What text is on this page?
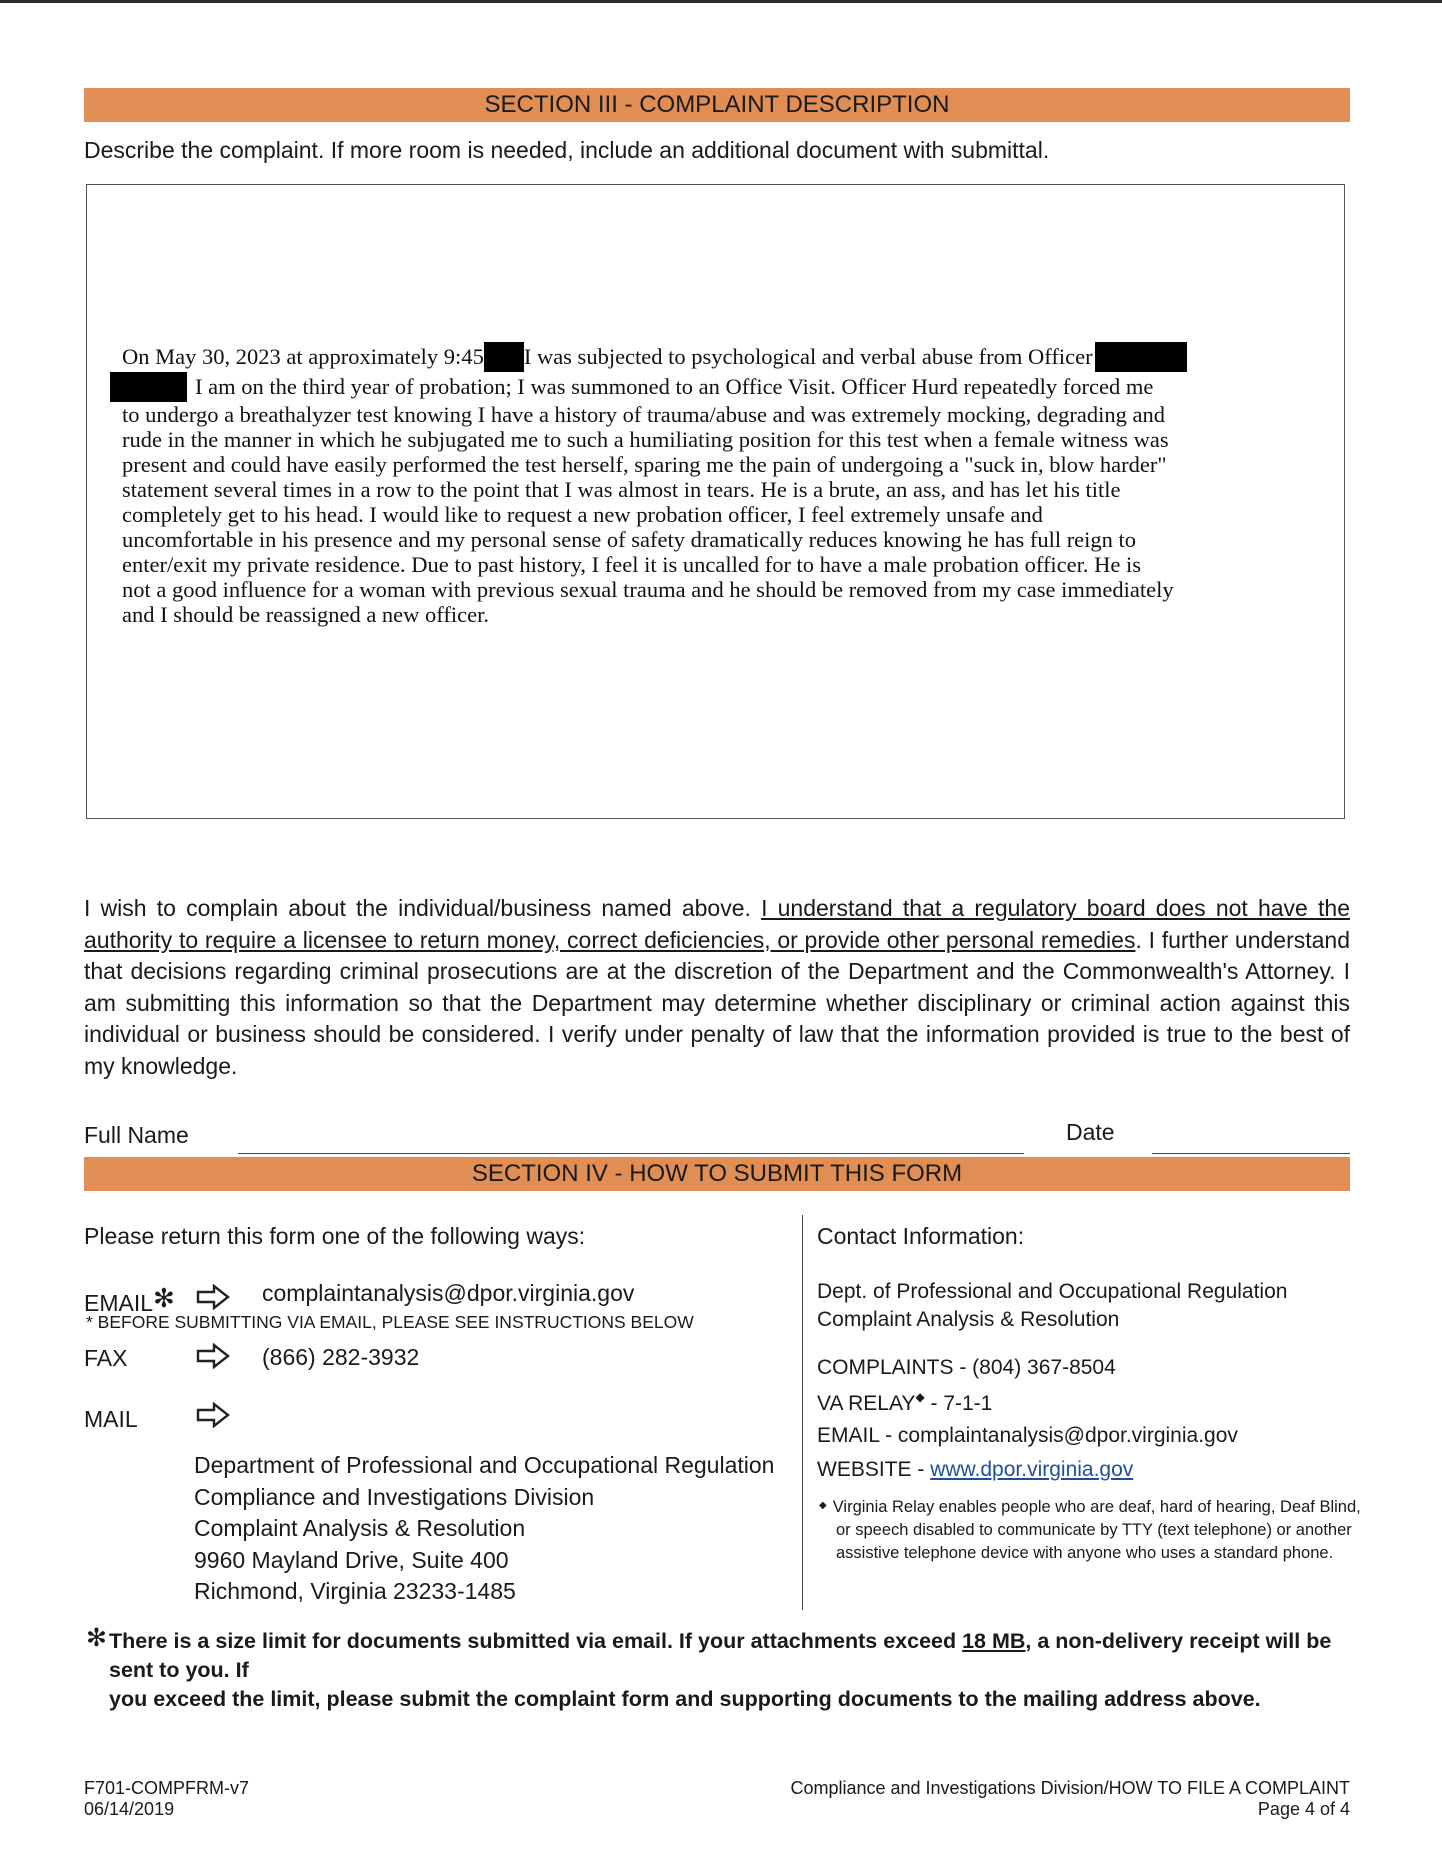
SECTION III - COMPLAINT DESCRIPTION
Describe the complaint. If more room is needed, include an additional document with submittal.
On May 30, 2023 at approximately 9:45 I was subjected to psychological and verbal abuse from Officer
I am on the third year of probation; I was summoned to an Office Visit. Officer Hurd repeatedly forced me
to undergo a breathalyzer test knowing I have a history of trauma/abuse and was extremely mocking, degrading and
rude in the manner in which he subjugated me to such a humiliating position for this test when a female witness was
present and could have easily performed the test herself, sparing me the pain of undergoing a "suck in, blow harder"
statement several times in a row to the point that I was almost in tears. He is a brute, an ass, and has let his title
completely get to his head. I would like to request a new probation officer, I feel extremely unsafe and
uncomfortable in his presence and my personal sense of safety dramatically reduces knowing he has full reign to
enter/exit my private residence. Due to past history, I feel it is uncalled for to have a male probation officer. He is
not a good influence for a woman with previous sexual trauma and he should be removed from my case immediately
and I should be reassigned a new officer.
I wish to complain about the individual/business named above. I understand that a regulatory board does not have the authority to require a licensee to return money, correct deficiencies, or provide other personal remedies. I further understand that decisions regarding criminal prosecutions are at the discretion of the Department and the Commonwealth's Attorney. I am submitting this information so that the Department may determine whether disciplinary or criminal action against this individual or business should be considered. I verify under penalty of law that the information provided is true to the best of my knowledge.
Full Name	Date
SECTION IV - HOW TO SUBMIT THIS FORM
Please return this form one of the following ways:
EMAIL✻	complaintanalysis@dpor.virginia.gov
* BEFORE SUBMITTING VIA EMAIL, PLEASE SEE INSTRUCTIONS BELOW
FAX	(866) 282-3932
MAIL
Department of Professional and Occupational Regulation
Compliance and Investigations Division
Complaint Analysis & Resolution
9960 Mayland Drive, Suite 400
Richmond, Virginia 23233-1485
Contact Information:
Dept. of Professional and Occupational Regulation
Complaint Analysis & Resolution
COMPLAINTS - (804) 367-8504
VA RELAY◆ - 7-1-1
EMAIL - complaintanalysis@dpor.virginia.gov
WEBSITE - www.dpor.virginia.gov
◆ Virginia Relay enables people who are deaf, hard of hearing, Deaf Blind,
or speech disabled to communicate by TTY (text telephone) or another
assistive telephone device with anyone who uses a standard phone.
✻ There is a size limit for documents submitted via email. If your attachments exceed 18 MB, a non-delivery receipt will be sent to you. If
you exceed the limit, please submit the complaint form and supporting documents to the mailing address above.
F701-COMPFRM-v7
06/14/2019
Compliance and Investigations Division/HOW TO FILE A COMPLAINT
Page 4 of 4
